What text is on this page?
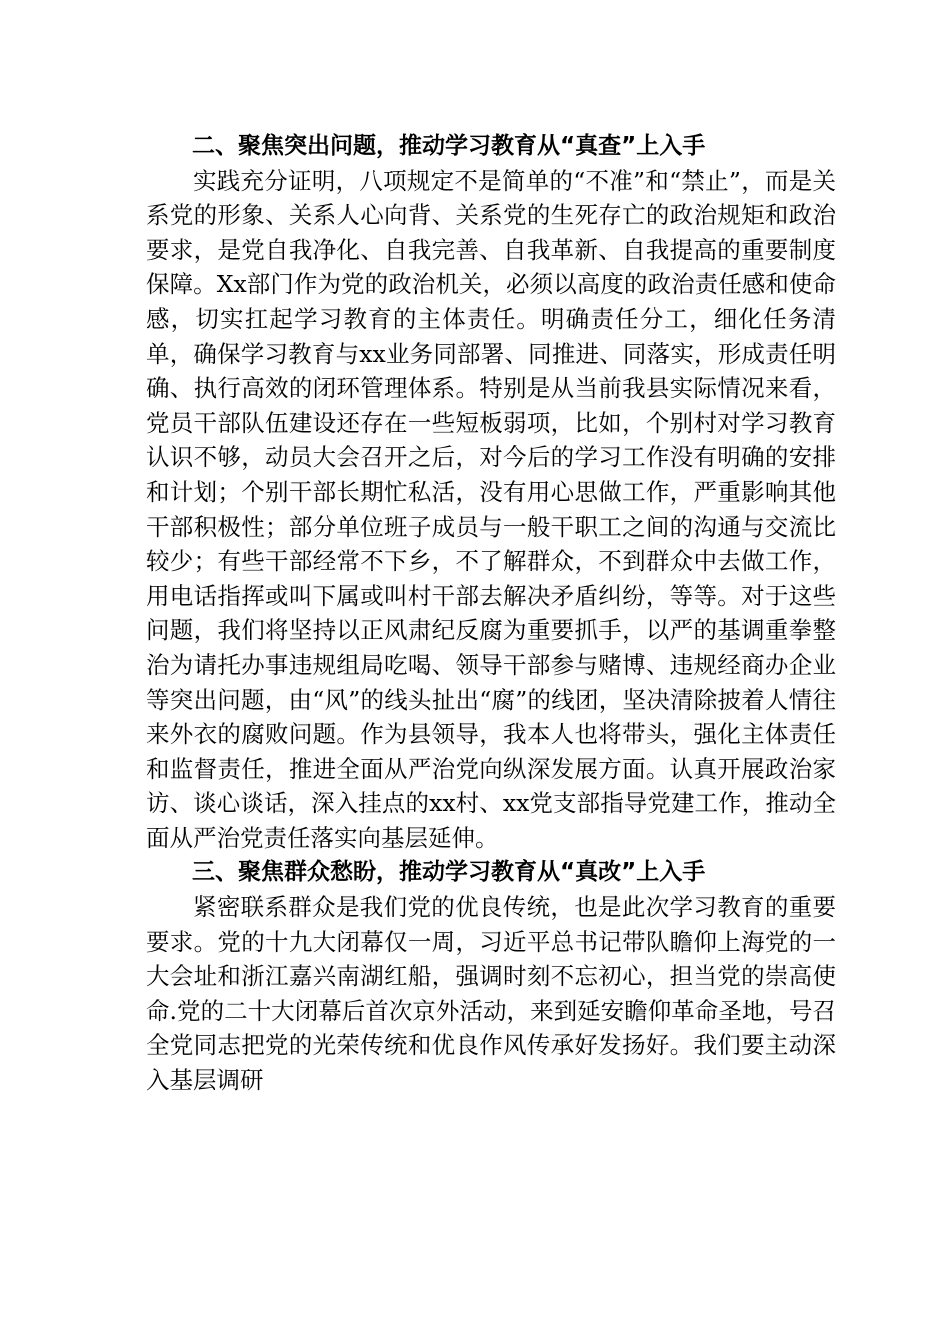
二、聚焦突出问题，推动学习教育从“真查”上入手

实践充分证明，八项规定不是简单的“不准”和“禁止”，而是关系党的形象、关系人心向背、关系党的生死存亡的政治规矩和政治要求，是党自我净化、自我完善、自我革新、自我提高的重要制度保障。Xx部门作为党的政治机关，必须以高度的政治责任感和使命感，切实扛起学习教育的主体责任。明确责任分工，细化任务清单，确保学习教育与xx业务同部署、同推进、同落实，形成责任明确、执行高效的闭环管理体系。特别是从当前我县实际情况来看，党员干部队伍建设还存在一些短板弱项，比如，个别村对学习教育认识不够，动员大会召开之后，对今后的学习工作没有明确的安排和计划；个别干部长期忙私活，没有用心思做工作，严重影响其他干部积极性；部分单位班子成员与一般干职工之间的沟通与交流比较少；有些干部经常不下乡，不了解群众，不到群众中去做工作，用电话指挥或叫下属或叫村干部去解决矛盾纠纷，等等。对于这些问题，我们将坚持以正风肃纪反腐为重要抓手，以严的基调重拳整治为请托办事违规组局吃喝、领导干部参与赌博、违规经商办企业等突出问题，由“风”的线头扯出“腐”的线团，坚决清除披着人情往来外衣的腐败问题。作为县领导，我本人也将带头，强化主体责任和监督责任，推进全面从严治党向纵深发展方面。认真开展政治家访、谈心谈话，深入挂点的xx村、xx党支部指导党建工作，推动全面从严治党责任落实向基层延伸。

三、聚焦群众愁盼，推动学习教育从“真改”上入手

紧密联系群众是我们党的优良传统，也是此次学习教育的重要要求。党的十九大闭幕仅一周，习近平总书记带队瞻仰上海党的一大会址和浙江嘉兴南湖红船，强调时刻不忘初心，担当党的崇高使命.党的二十大闭幕后首次京外活动，来到延安瞻仰革命圣地，号召全党同志把党的光荣传统和优良作风传承好发扬好。我们要主动深入基层调研
